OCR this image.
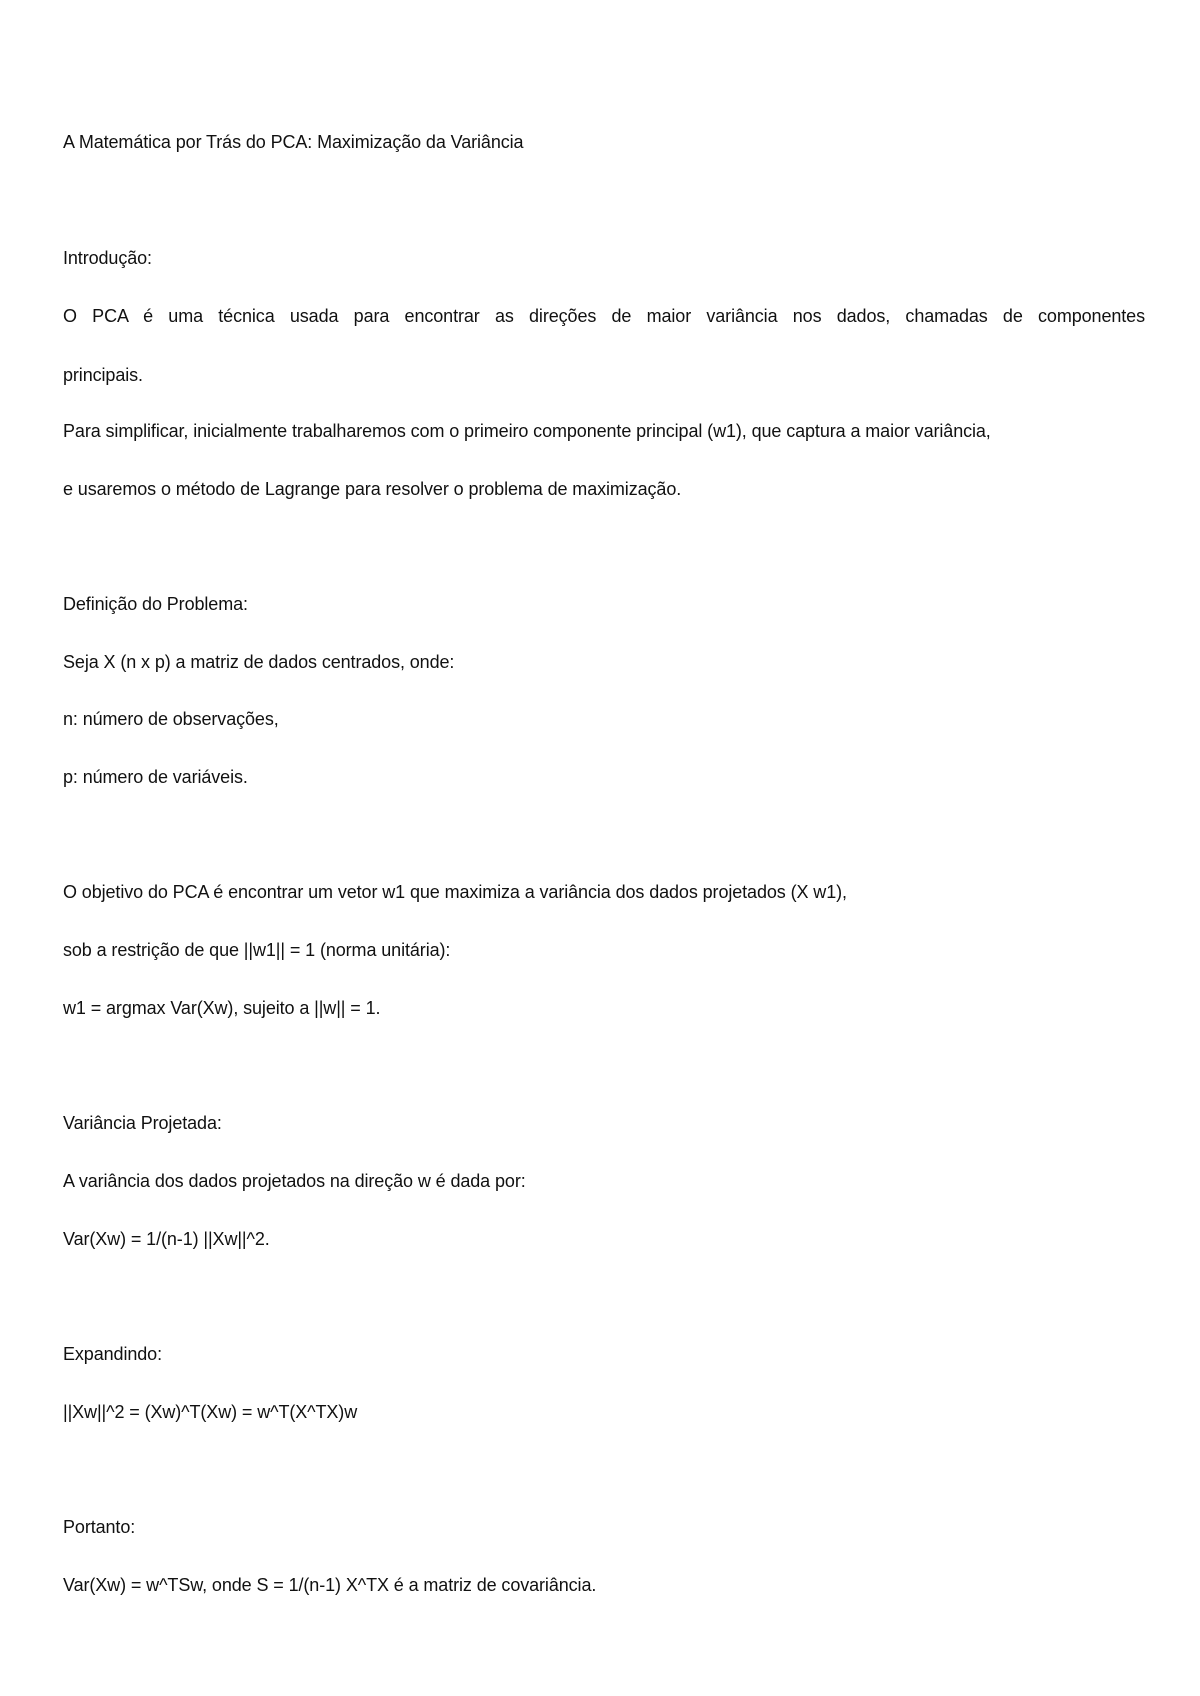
A Matemática por Trás do PCA: Maximização da Variância
Introdução:
O PCA é uma técnica usada para encontrar as direções de maior variância nos dados, chamadas de componentes
principais.
Para simplificar, inicialmente trabalharemos com o primeiro componente principal (w1), que captura a maior variância,
e usaremos o método de Lagrange para resolver o problema de maximização.
Definição do Problema:
Seja X (n x p) a matriz de dados centrados, onde:
n: número de observações,
p: número de variáveis.
O objetivo do PCA é encontrar um vetor w1 que maximiza a variância dos dados projetados (X w1),
sob a restrição de que ||w1|| = 1 (norma unitária):
w1 = argmax Var(Xw), sujeito a ||w|| = 1.
Variância Projetada:
A variância dos dados projetados na direção w é dada por:
Var(Xw) = 1/(n-1) ||Xw||^2.
Expandindo:
||Xw||^2 = (Xw)^T(Xw) = w^T(X^TX)w
Portanto:
Var(Xw) = w^TSw, onde S = 1/(n-1) X^TX é a matriz de covariância.
